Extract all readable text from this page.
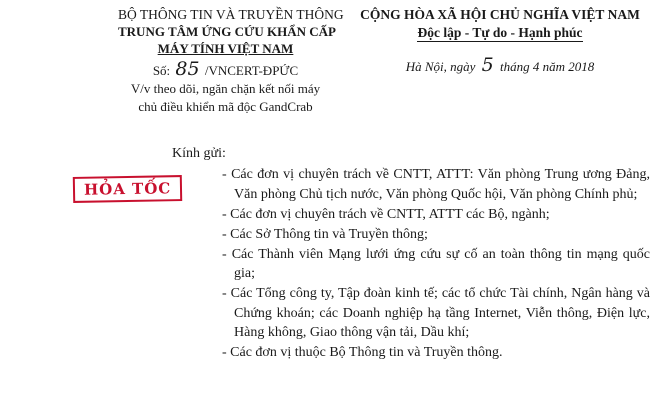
BỘ THÔNG TIN VÀ TRUYỀN THÔNG
TRUNG TÂM ỨNG CỨU KHẨN CẤP
MÁY TÍNH VIỆT NAM
Số: 85 /VNCERT-ĐPỨC
V/v theo dõi, ngăn chặn kết nối máy
chủ điều khiển mã độc GandCrab
CỘNG HÒA XÃ HỘI CHỦ NGHĨA VIỆT NAM
Độc lập - Tự do - Hạnh phúc
Hà Nội, ngày 5 tháng 4 năm 2018
HỎA TỐC
Kính gửi:
- Các đơn vị chuyên trách về CNTT, ATTT: Văn phòng Trung ương Đảng, Văn phòng Chủ tịch nước, Văn phòng Quốc hội, Văn phòng Chính phủ;
- Các đơn vị chuyên trách về CNTT, ATTT các Bộ, ngành;
- Các Sở Thông tin và Truyền thông;
- Các Thành viên Mạng lưới ứng cứu sự cố an toàn thông tin mạng quốc gia;
- Các Tổng công ty, Tập đoàn kinh tế; các tổ chức Tài chính, Ngân hàng và Chứng khoán; các Doanh nghiệp hạ tầng Internet, Viễn thông, Điện lực, Hàng không, Giao thông vận tải, Dầu khí;
- Các đơn vị thuộc Bộ Thông tin và Truyền thông.
